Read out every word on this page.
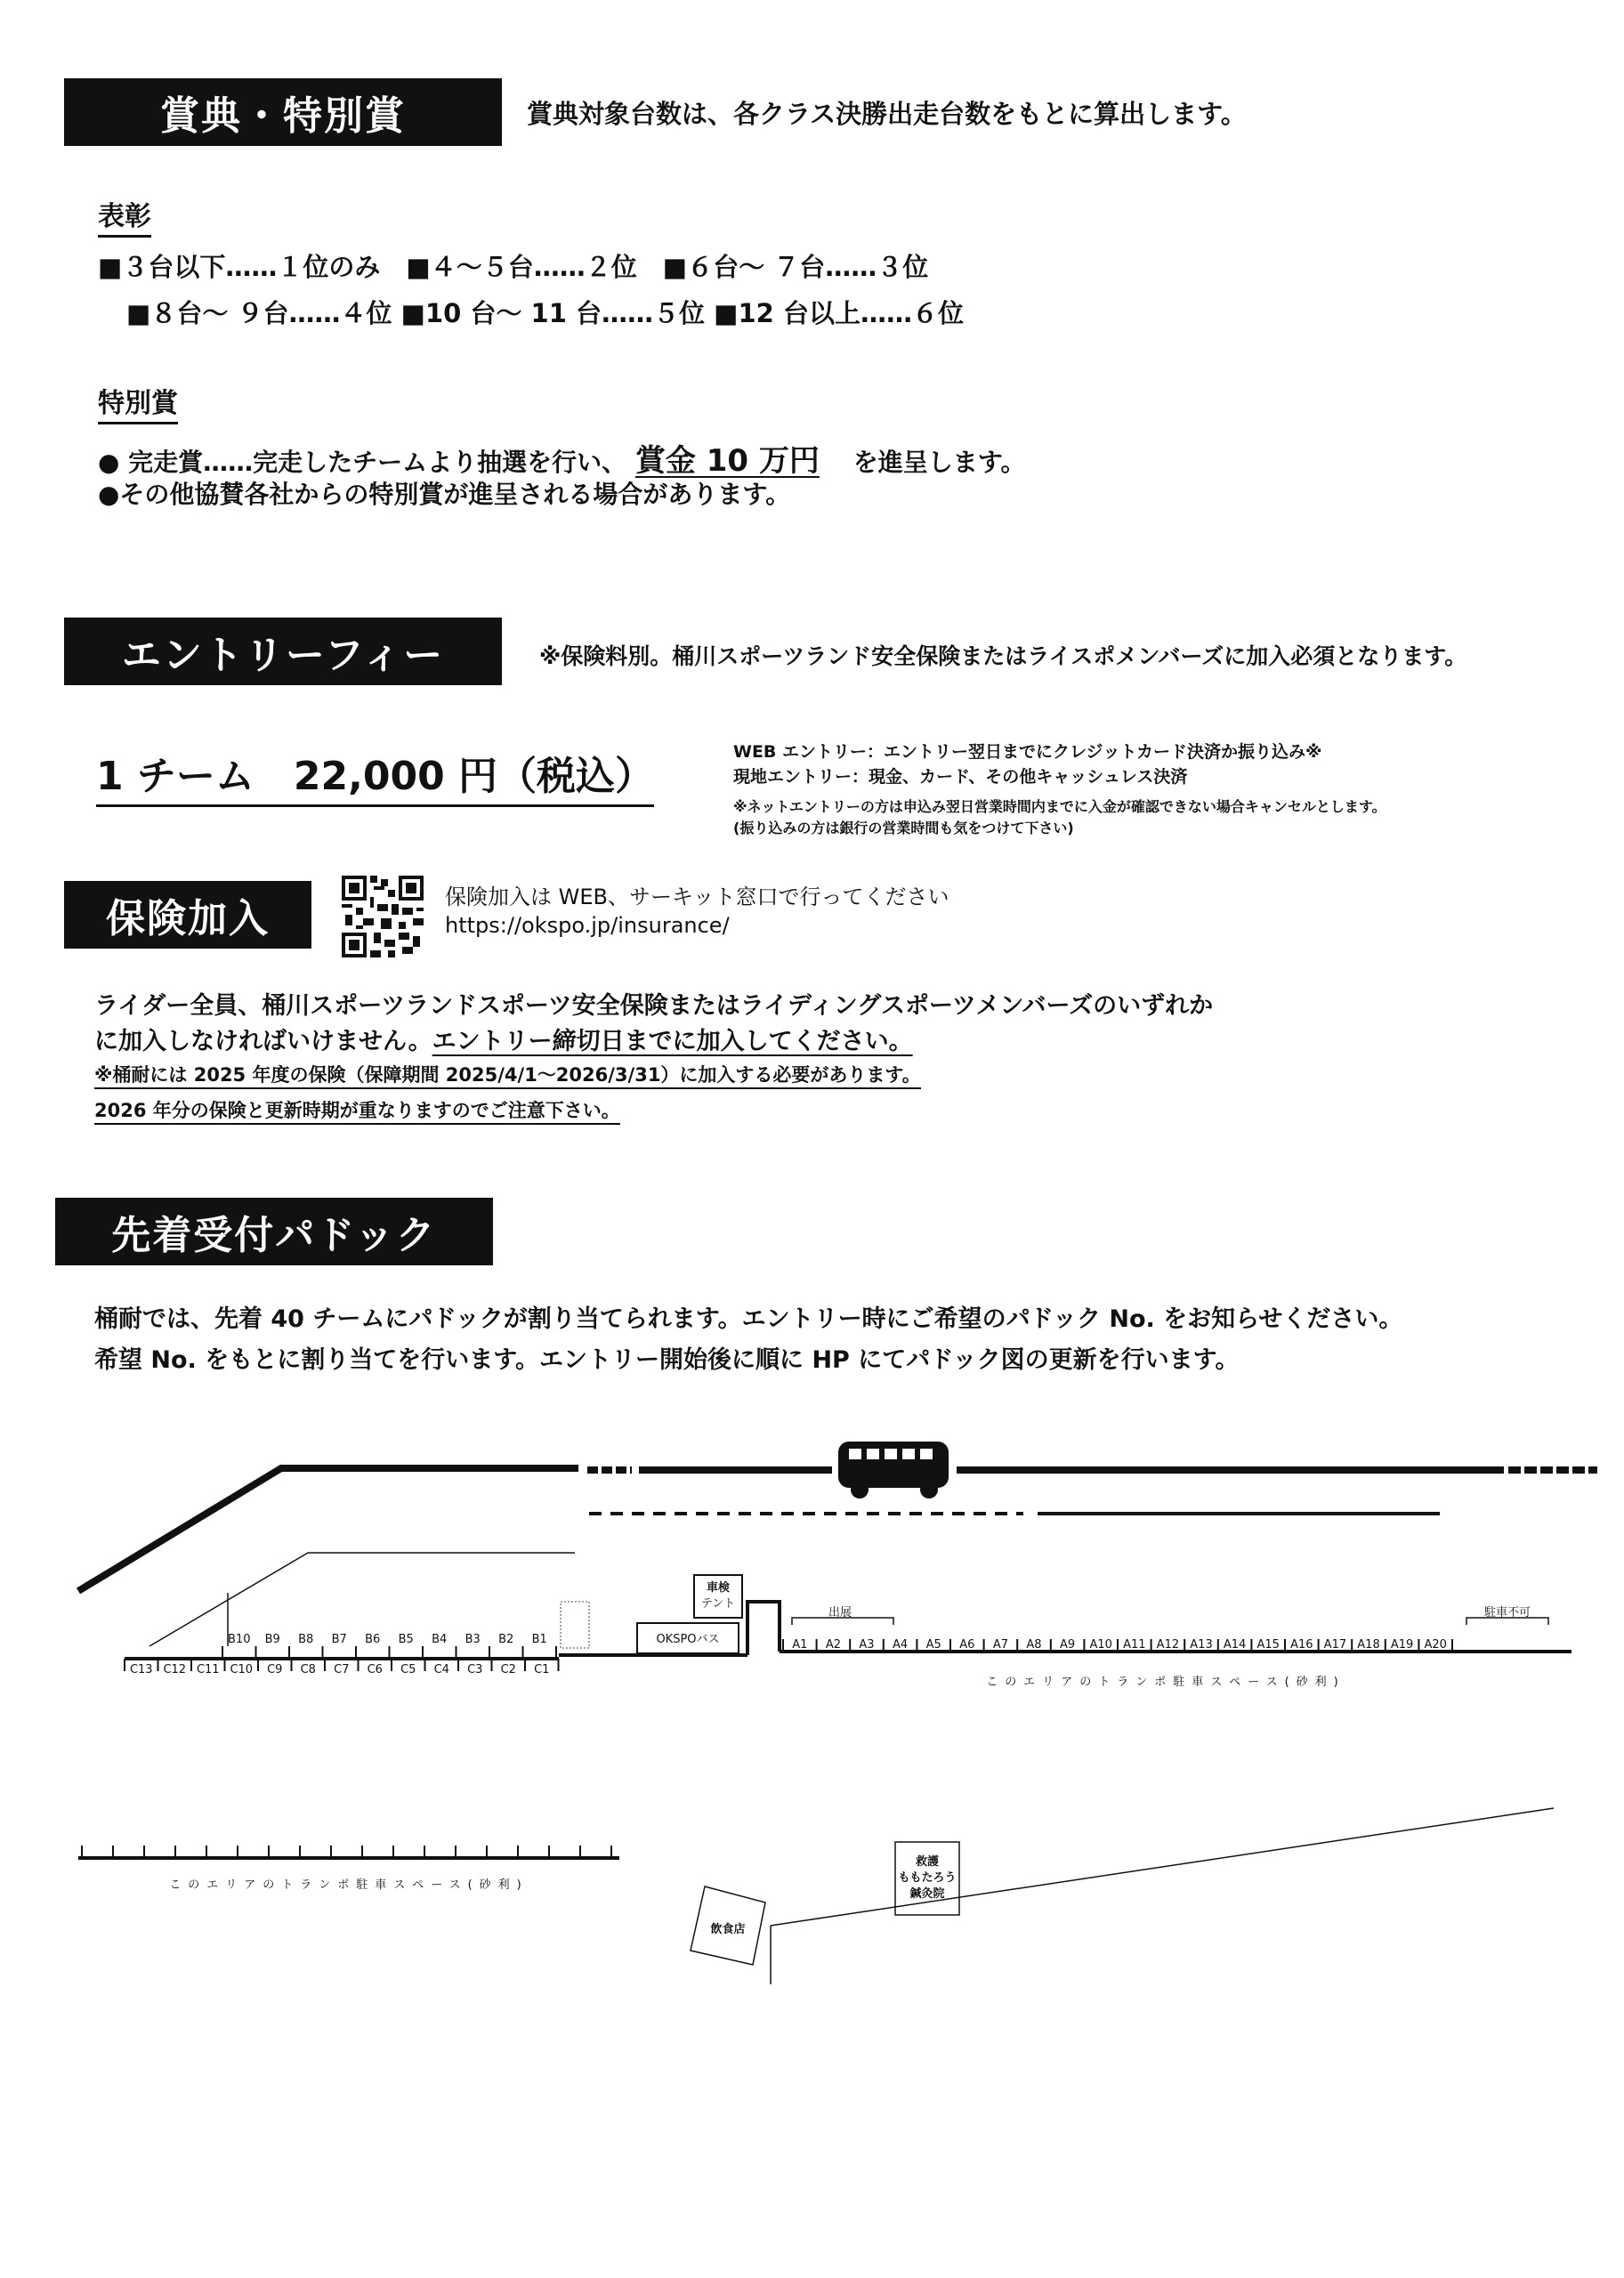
賞典・特別賞	賞典対象台数は、各クラス決勝出走台数をもとに算出します。
表彰
■３台以下……１位のみ　■４～５台……２位　■６台～ ７台……３位
■８台～ ９台……４位 ■10 台～ 11 台……５位 ■12 台以上……６位
特別賞
● 完走賞……完走したチームより抽選を行い、 賞金 10 万円 を進呈します。
●その他協賛各社からの特別賞が進呈される場合があります。
エントリーフィー	※保険料別。桶川スポーツランド安全保険またはライスポメンバーズに加入必須となります。
1 チーム　22,000 円（税込）
WEB エントリー：エントリー翌日までにクレジットカード決済か振り込み※
現地エントリー：現金、カード、その他キャッシュレス決済
※ネットエントリーの方は申込み翌日営業時間内までに入金が確認できない場合キャンセルとします。
(振り込みの方は銀行の営業時間も気をつけて下さい)
保険加入	保険加入は WEB、サーキット窓口で行ってください
https://okspo.jp/insurance/
ライダー全員、桶川スポーツランドスポーツ安全保険またはライディングスポーツメンバーズのいずれか
に加入しなければいけません。エントリー締切日までに加入してください。
※桶耐には 2025 年度の保険（保障期間 2025/4/1～2026/3/31）に加入する必要があります。
2026 年分の保険と更新時期が重なりますのでご注意下さい。
先着受付パドック
桶耐では、先着 40 チームにパドックが割り当てられます。エントリー時にご希望のパドック No. をお知らせください。
希望 No. をもとに割り当てを行います。エントリー開始後に順に HP にてパドック図の更新を行います。
B10 B9 B8 B7 B6 B5 B4 B3 B2 B1
C13 C12 C11 C10 C9 C8 C7 C6 C5 C4 C3 C2 C1
A1 A2 A3 A4 A5 A6 A7 A8 A9 A10 A11 A12 A13 A14 A15 A16 A17 A18 A19 A20
車検
テント
OKSPOバス
出展	駐車不可
このエリアのトランポ駐車スペース(砂利)
このエリアのトランポ駐車スペース(砂利)
飲食店
救護
ももたろう
鍼灸院
